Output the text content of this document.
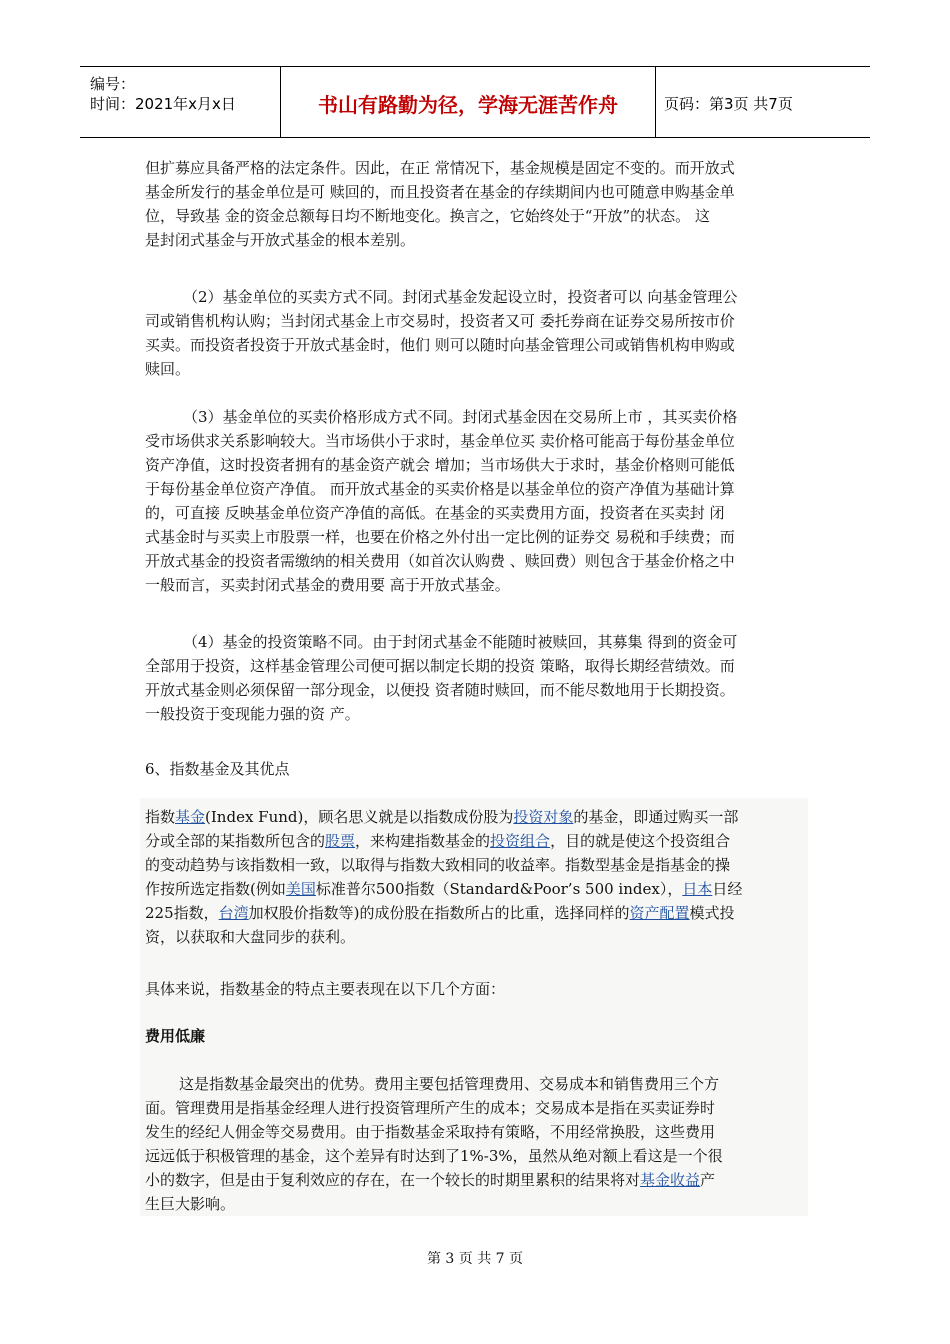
编号：
时间：2021年x月x日	书山有路勤为径，学海无涯苦作舟	页码：第3页 共7页
但扩募应具备严格的法定条件。因此，在正 常情况下，基金规模是固定不变的。而开放式
基金所发行的基金单位是可 赎回的，而且投资者在基金的存续期间内也可随意申购基金单
位，导致基 金的资金总额每日均不断地变化。换言之，它始终处于“开放”的状态。 这
是封闭式基金与开放式基金的根本差别。
（2）基金单位的买卖方式不同。封闭式基金发起设立时，投资者可以 向基金管理公
司或销售机构认购；当封闭式基金上市交易时，投资者又可 委托券商在证券交易所按市价
买卖。而投资者投资于开放式基金时，他们 则可以随时向基金管理公司或销售机构申购或
赎回。
（3）基金单位的买卖价格形成方式不同。封闭式基金因在交易所上市 ，其买卖价格
受市场供求关系影响较大。当市场供小于求时，基金单位买 卖价格可能高于每份基金单位
资产净值，这时投资者拥有的基金资产就会 增加；当市场供大于求时，基金价格则可能低
于每份基金单位资产净值。 而开放式基金的买卖价格是以基金单位的资产净值为基础计算
的，可直接 反映基金单位资产净值的高低。在基金的买卖费用方面，投资者在买卖封 闭
式基金时与买卖上市股票一样，也要在价格之外付出一定比例的证券交 易税和手续费；而
开放式基金的投资者需缴纳的相关费用（如首次认购费 、赎回费）则包含于基金价格之中
一般而言，买卖封闭式基金的费用要 高于开放式基金。
（4）基金的投资策略不同。由于封闭式基金不能随时被赎回，其募集 得到的资金可
全部用于投资，这样基金管理公司便可据以制定长期的投资 策略，取得长期经营绩效。而
开放式基金则必须保留一部分现金，以便投 资者随时赎回，而不能尽数地用于长期投资。
一般投资于变现能力强的资 产。
6、指数基金及其优点
指数基金(Index Fund)，顾名思义就是以指数成份股为投资对象的基金，即通过购买一部
分或全部的某指数所包含的股票，来构建指数基金的投资组合，目的就是使这个投资组合
的变动趋势与该指数相一致，以取得与指数大致相同的收益率。指数型基金是指基金的操
作按所选定指数(例如美国标准普尔500指数（Standard&Poor’s 500 index），日本日经
225指数，台湾加权股价指数等)的成份股在指数所占的比重，选择同样的资产配置模式投
资，以获取和大盘同步的获利。
具体来说，指数基金的特点主要表现在以下几个方面：
费用低廉
这是指数基金最突出的优势。费用主要包括管理费用、交易成本和销售费用三个方
面。管理费用是指基金经理人进行投资管理所产生的成本；交易成本是指在买卖证券时
发生的经纪人佣金等交易费用。由于指数基金采取持有策略，不用经常换股，这些费用
远远低于积极管理的基金，这个差异有时达到了1%-3%，虽然从绝对额上看这是一个很
小的数字，但是由于复利效应的存在，在一个较长的时期里累积的结果将对基金收益产
生巨大影响。
第 3 页 共 7 页
